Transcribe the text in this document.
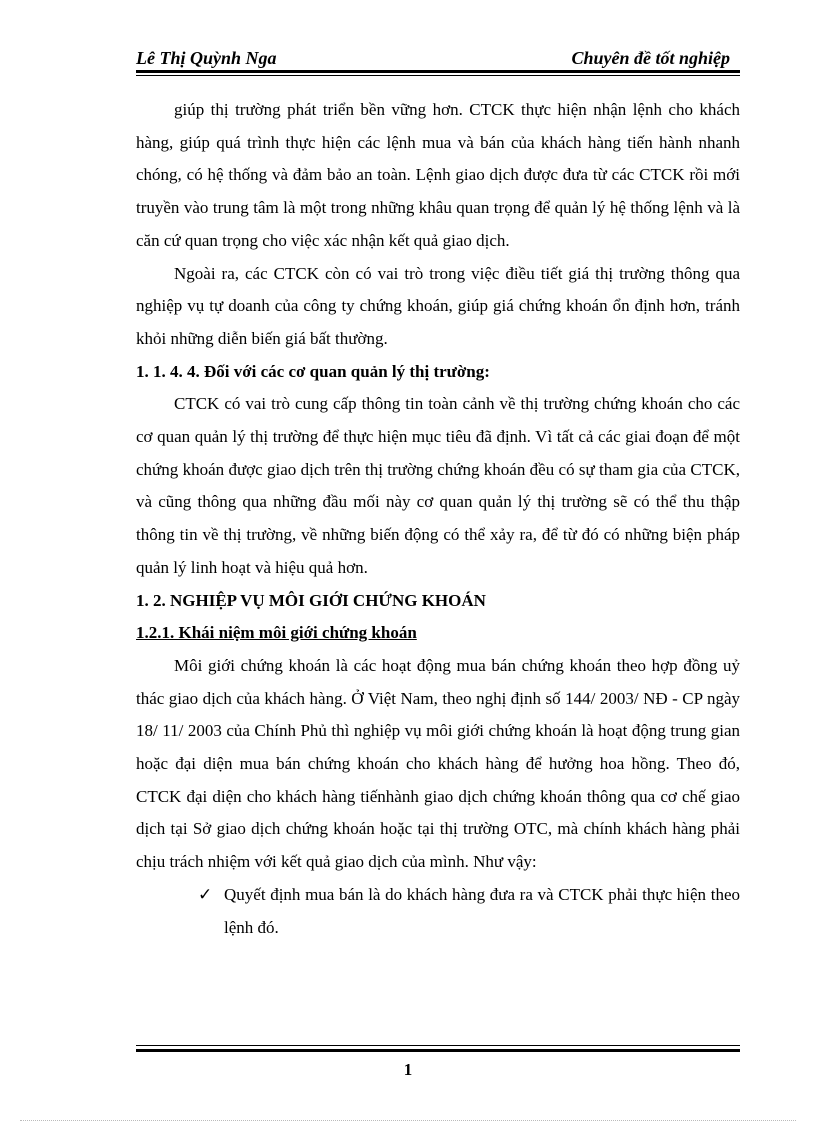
Lê Thị Quỳnh Nga	Chuyên đề tốt nghiệp

giúp thị trường phát triển bền vững hơn. CTCK thực hiện nhận lệnh cho khách hàng, giúp quá trình thực hiện các lệnh mua và bán của khách hàng tiến hành nhanh chóng, có hệ thống và đảm bảo an toàn. Lệnh giao dịch được đưa từ các CTCK rồi mới truyền vào trung tâm là một trong những khâu quan trọng để quản lý hệ thống lệnh và là căn cứ quan trọng cho việc xác nhận kết quả giao dịch.

Ngoài ra, các CTCK còn có vai trò trong việc điều tiết giá thị trường thông qua nghiệp vụ tự doanh của công ty chứng khoán, giúp giá chứng khoán ổn định hơn, tránh khỏi những diễn biến giá bất thường.

1. 1. 4. 4. Đối với các cơ quan quản lý thị trường:

CTCK có vai trò cung cấp thông tin toàn cảnh về thị trường chứng khoán cho các cơ quan quản lý thị trường để thực hiện mục tiêu đã định. Vì tất cả các giai đoạn để một chứng khoán được giao dịch trên thị trường chứng khoán đều có sự tham gia của CTCK, và cũng thông qua những đầu mối này cơ quan quản lý thị trường sẽ có thể thu thập thông tin về thị trường, về những biến động có thể xảy ra, để từ đó có những biện pháp quản lý linh hoạt và hiệu quả hơn.

1. 2. NGHIỆP VỤ MÔI GIỚI CHỨNG KHOÁN

1.2.1. Khái niệm môi giới chứng khoán

Môi giới chứng khoán là các hoạt động mua bán chứng khoán theo hợp đồng uỷ thác giao dịch của khách hàng. Ở Việt Nam, theo nghị định số 144/ 2003/ NĐ - CP ngày 18/ 11/ 2003 của Chính Phủ thì nghiệp vụ môi giới chứng khoán là hoạt động trung gian hoặc đại diện mua bán chứng khoán cho khách hàng để hưởng hoa hồng. Theo đó, CTCK đại diện cho khách hàng tiếnhành giao dịch chứng khoán thông qua cơ chế giao dịch tại Sở giao dịch chứng khoán hoặc tại thị trường OTC, mà chính khách hàng phải chịu trách nhiệm với kết quả giao dịch của mình. Như vậy:

✓ Quyết định mua bán là do khách hàng đưa ra và CTCK phải thực hiện theo lệnh đó.
1
